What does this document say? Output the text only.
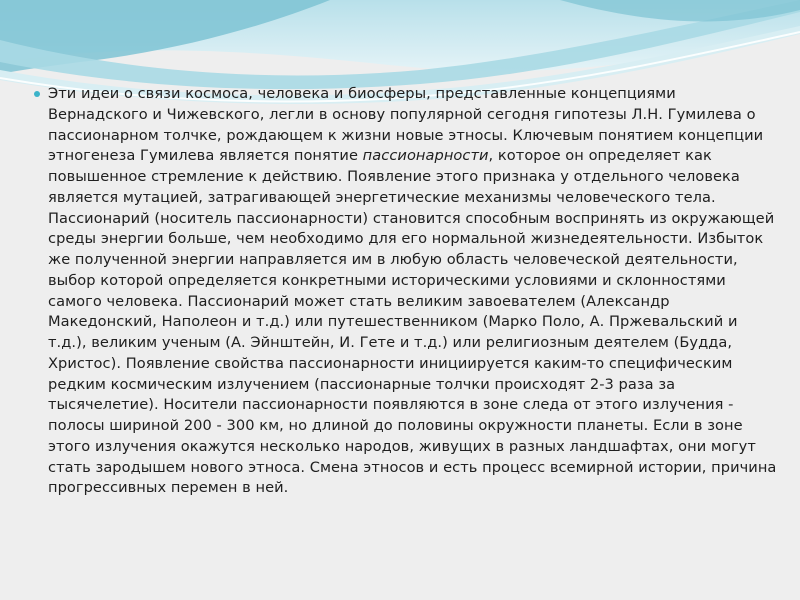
Эти идеи о связи космоса, человека и биосферы, представленные концепциями Вернадского и Чижевского, легли в основу популярной сегодня гипотезы Л.Н. Гумилева о пассионарном толчке, рождающем к жизни новые этносы. Ключевым понятием концепции этногенеза Гумилева является понятие пассионарности, которое он определяет как повышенное стремление к действию. Появление этого признака у отдельного человека является мутацией, затрагивающей энергетические механизмы человеческого тела. Пассионарий (носитель пассионарности) становится способным воспринять из окружающей среды энергии больше, чем необходимо для его нормальной жизнедеятельности. Избыток же полученной энергии направляется им в любую область человеческой деятельности, выбор которой определяется конкретными историческими условиями и склонностями самого человека. Пассионарий может стать великим завоевателем (Александр Македонский, Наполеон и т.д.) или путешественником (Марко Поло, А. Пржевальский и т.д.), великим ученым (А. Эйнштейн, И. Гете и т.д.) или религиозным деятелем (Будда, Христос). Появление свойства пассионарности инициируется каким-то специфическим редким космическим излучением (пассионарные толчки происходят 2-3 раза за тысячелетие). Носители пассионарности появляются в зоне следа от этого излучения - полосы шириной 200 - 300 км, но длиной до половины окружности планеты. Если в зоне этого излучения окажутся несколько народов, живущих в разных ландшафтах, они могут стать зародышем нового этноса. Смена этносов и есть процесс всемирной истории, причина прогрессивных перемен в ней.
